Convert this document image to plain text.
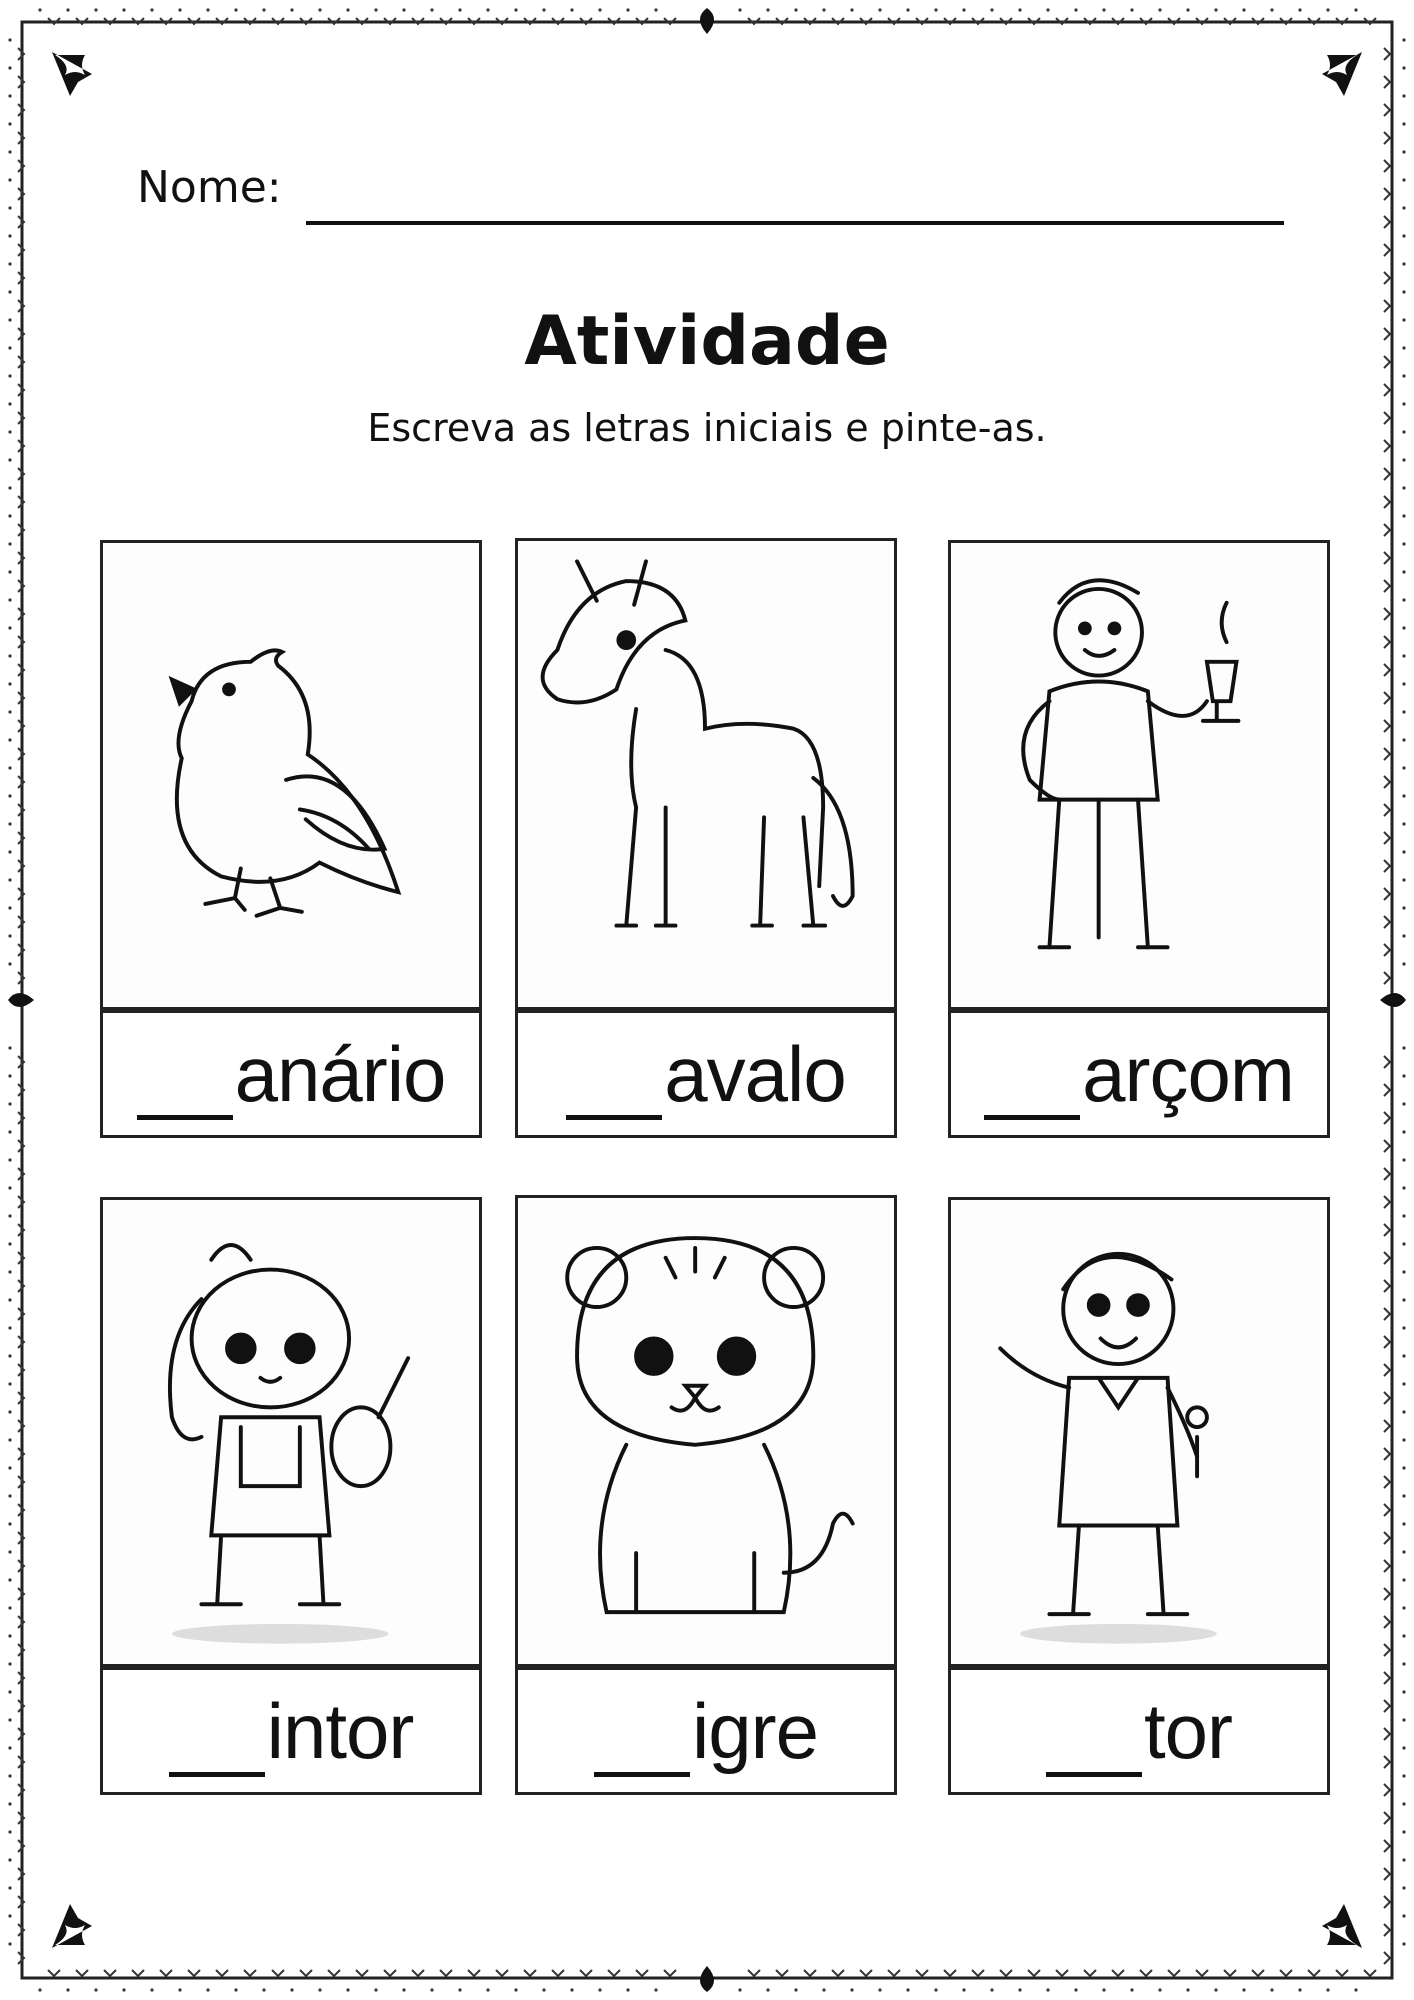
Nome:
Atividade
Escreva as letras iniciais e pinte-as.
anário	avalo	arçom
intor	igre	tor
